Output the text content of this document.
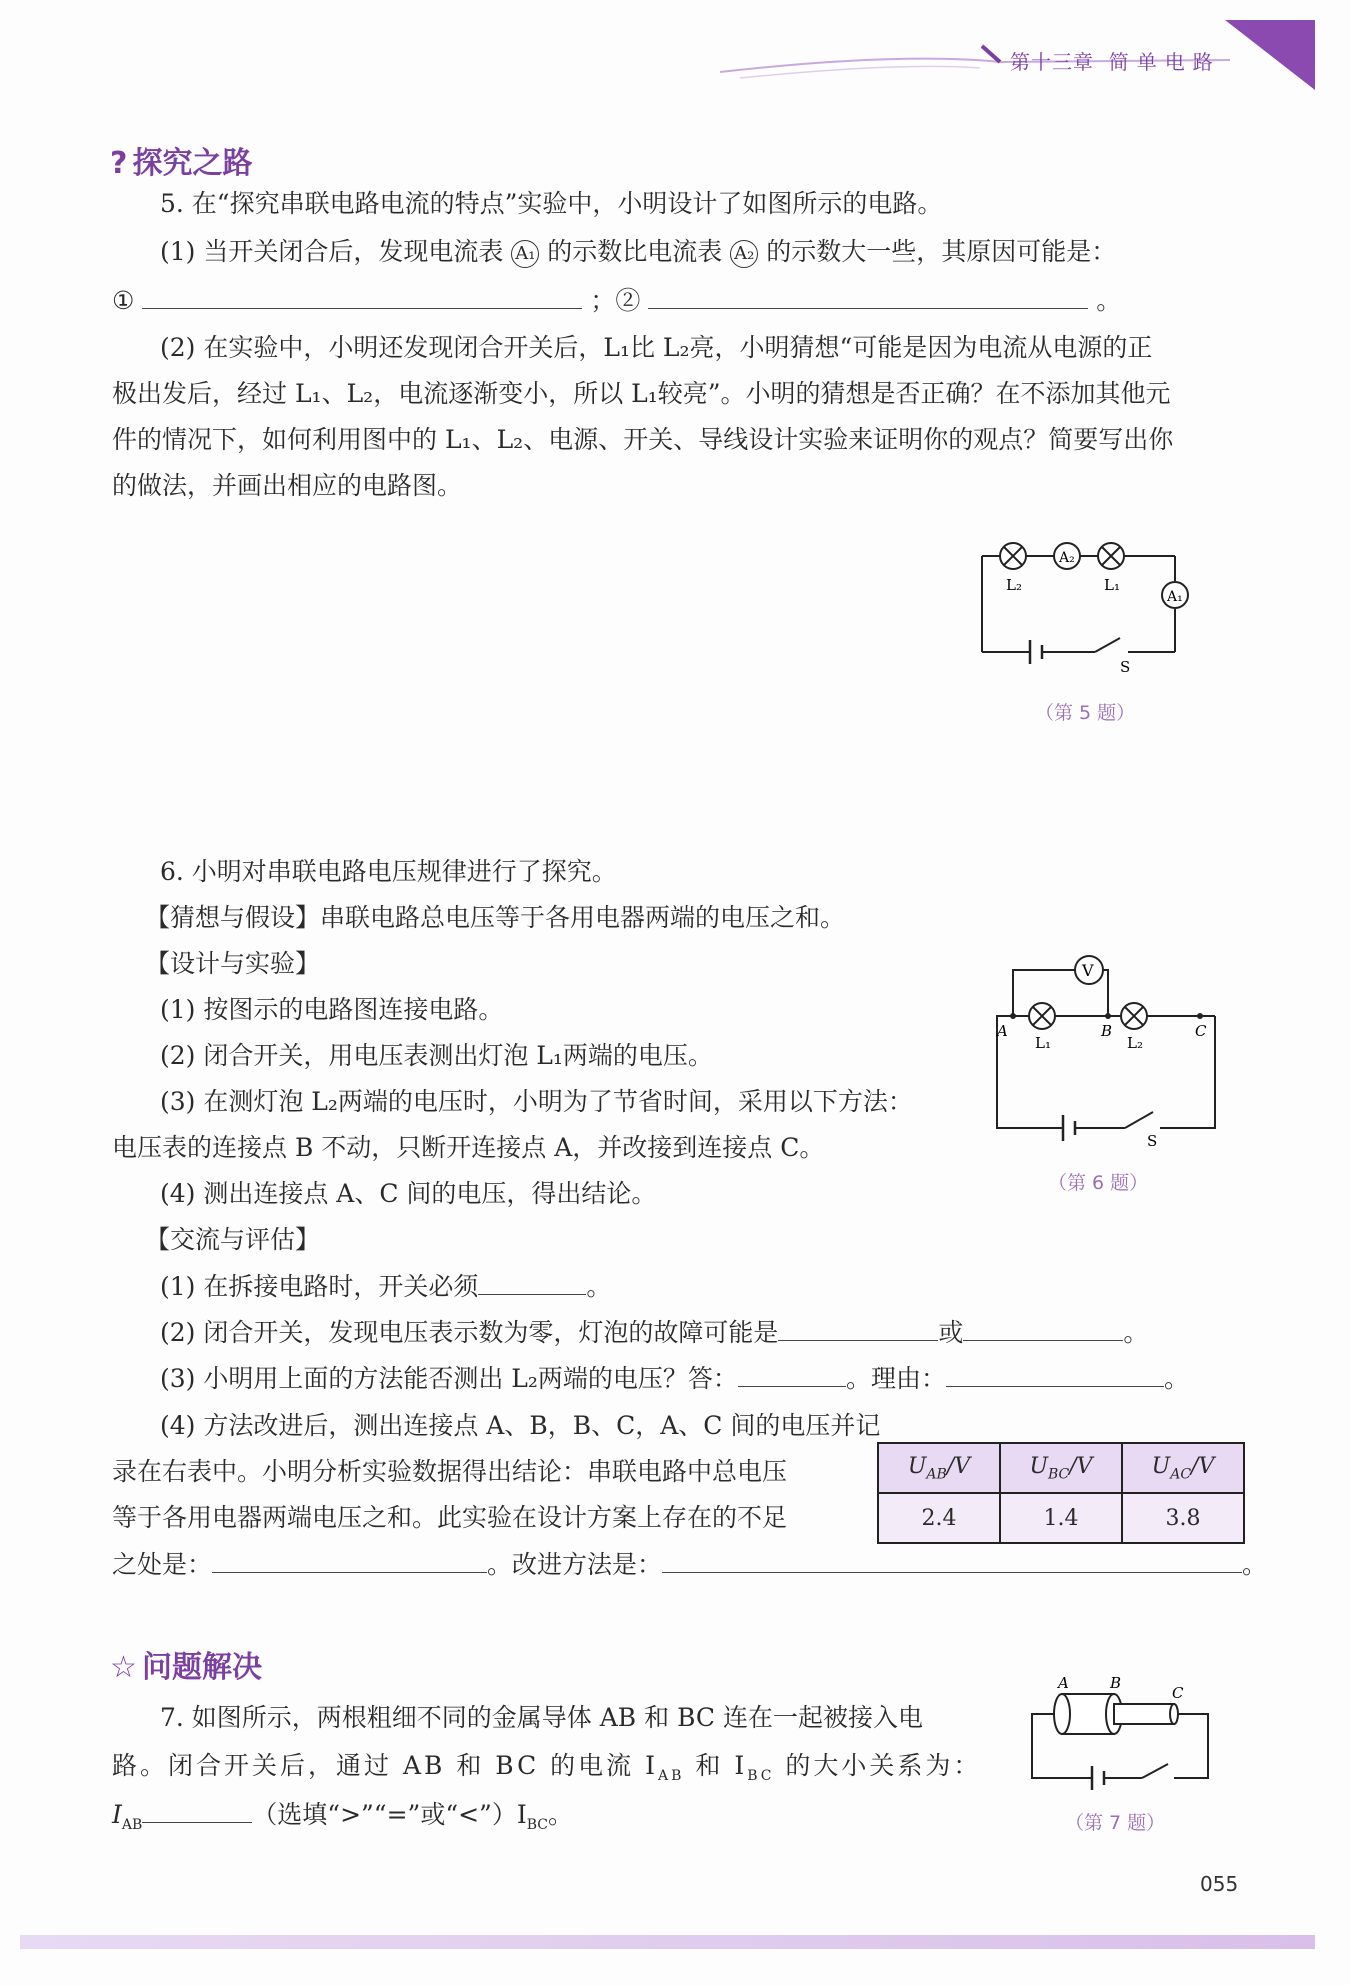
第十三章 简单电路
? 探究之路
5. 在“探究串联电路电流的特点”实验中，小明设计了如图所示的电路。
(1) 当开关闭合后，发现电流表 A₁ 的示数比电流表 A₂ 的示数大一些，其原因可能是：
①	；②	。
(2) 在实验中，小明还发现闭合开关后，L₁比 L₂亮，小明猜想“可能是因为电流从电源的正
极出发后，经过 L₁、L₂，电流逐渐变小，所以 L₁较亮”。小明的猜想是否正确？在不添加其他元
件的情况下，如何利用图中的 L₁、L₂、电源、开关、导线设计实验来证明你的观点？简要写出你
的做法，并画出相应的电路图。
A₂
A₁
L₂	L₁
S
（第 5 题）
6. 小明对串联电路电压规律进行了探究。
【猜想与假设】串联电路总电压等于各用电器两端的电压之和。
【设计与实验】
(1) 按图示的电路图连接电路。
(2) 闭合开关，用电压表测出灯泡 L₁两端的电压。
(3) 在测灯泡 L₂两端的电压时，小明为了节省时间，采用以下方法：
电压表的连接点 B 不动，只断开连接点 A，并改接到连接点 C。
(4) 测出连接点 A、C 间的电压，得出结论。
【交流与评估】
(1) 在拆接电路时，开关必须	。
(2) 闭合开关，发现电压表示数为零，灯泡的故障可能是	或	。
(3) 小明用上面的方法能否测出 L₂两端的电压？答：	。理由：	。
(4) 方法改进后，测出连接点 A、B，B、C，A、C 间的电压并记
录在右表中。小明分析实验数据得出结论：串联电路中总电压
等于各用电器两端电压之和。此实验在设计方案上存在的不足
之处是：	。改进方法是：	。
$U_{AB}/V$	$U_{BC}/V$	$U_{AC}/V$
2.4	1.4	3.8
V
A	B	C
L₁	L₂
S
（第 6 题）
☆ 问题解决
7. 如图所示，两根粗细不同的金属导体 AB 和 BC 连在一起被接入电
路。闭合开关后，通过 AB 和 BC 的电流 $I_{AB}$ 和 $I_{BC}$ 的大小关系为：
$I_{AB}$	（选填“>”“=”或“$<”)I_{BC}$。
A	B
C
（第 7 题）
055
